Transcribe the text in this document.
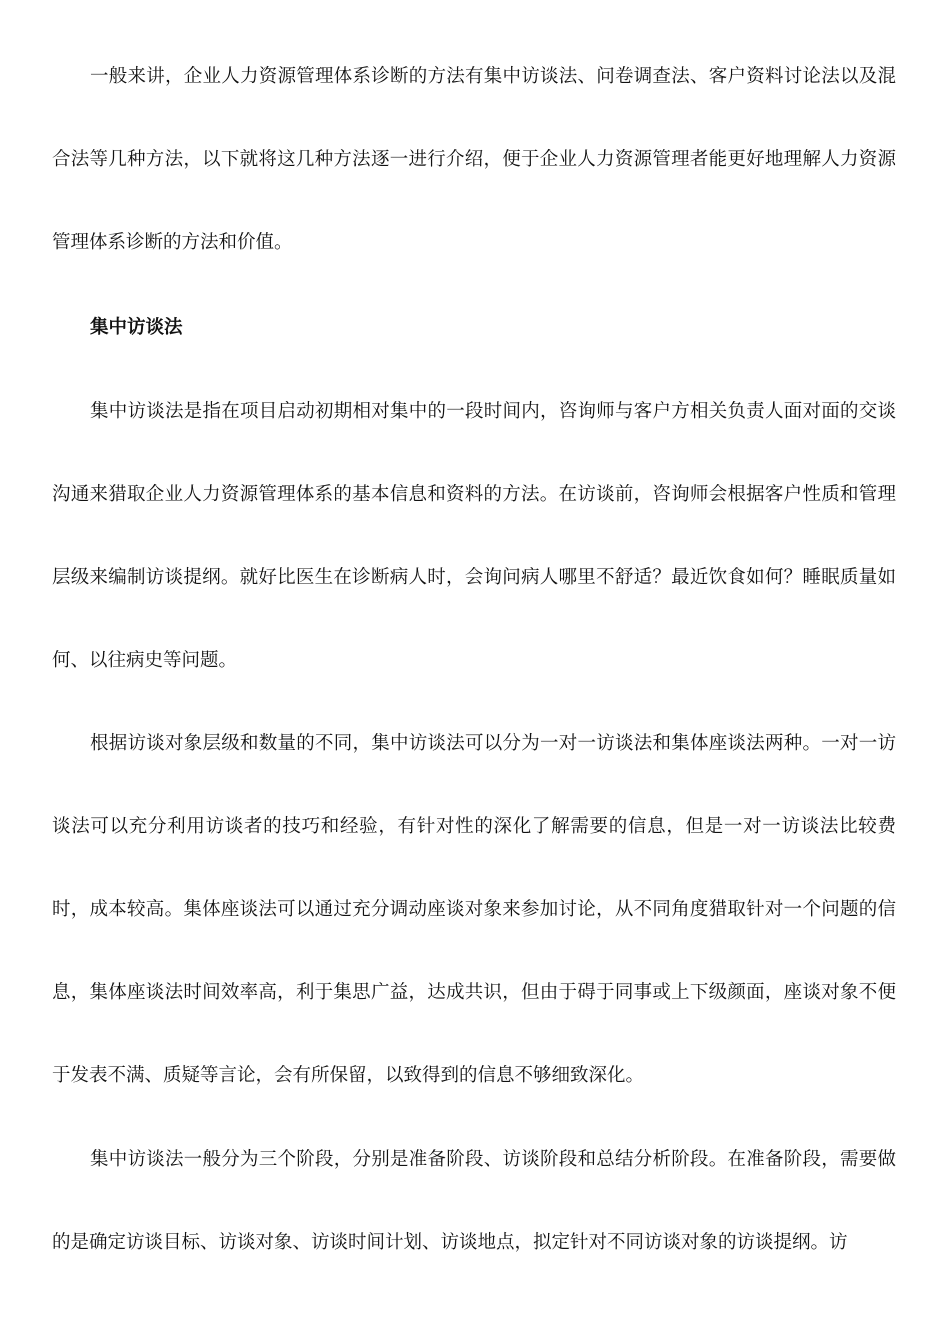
一般来讲，企业人力资源管理体系诊断的方法有集中访谈法、问卷调查法、客户资料讨论法以及混合法等几种方法，以下就将这几种方法逐一进行介绍，便于企业人力资源管理者能更好地理解人力资源管理体系诊断的方法和价值。

集中访谈法

集中访谈法是指在项目启动初期相对集中的一段时间内，咨询师与客户方相关负责人面对面的交谈沟通来猎取企业人力资源管理体系的基本信息和资料的方法。在访谈前，咨询师会根据客户性质和管理层级来编制访谈提纲。就好比医生在诊断病人时，会询问病人哪里不舒适？最近饮食如何？睡眠质量如何、以往病史等问题。

根据访谈对象层级和数量的不同，集中访谈法可以分为一对一访谈法和集体座谈法两种。一对一访谈法可以充分利用访谈者的技巧和经验，有针对性的深化了解需要的信息，但是一对一访谈法比较费时，成本较高。集体座谈法可以通过充分调动座谈对象来参加讨论，从不同角度猎取针对一个问题的信息，集体座谈法时间效率高，利于集思广益，达成共识，但由于碍于同事或上下级颜面，座谈对象不便于发表不满、质疑等言论，会有所保留，以致得到的信息不够细致深化。

集中访谈法一般分为三个阶段，分别是准备阶段、访谈阶段和总结分析阶段。在准备阶段，需要做的是确定访谈目标、访谈对象、访谈时间计划、访谈地点，拟定针对不同访谈对象的访谈提纲。访
